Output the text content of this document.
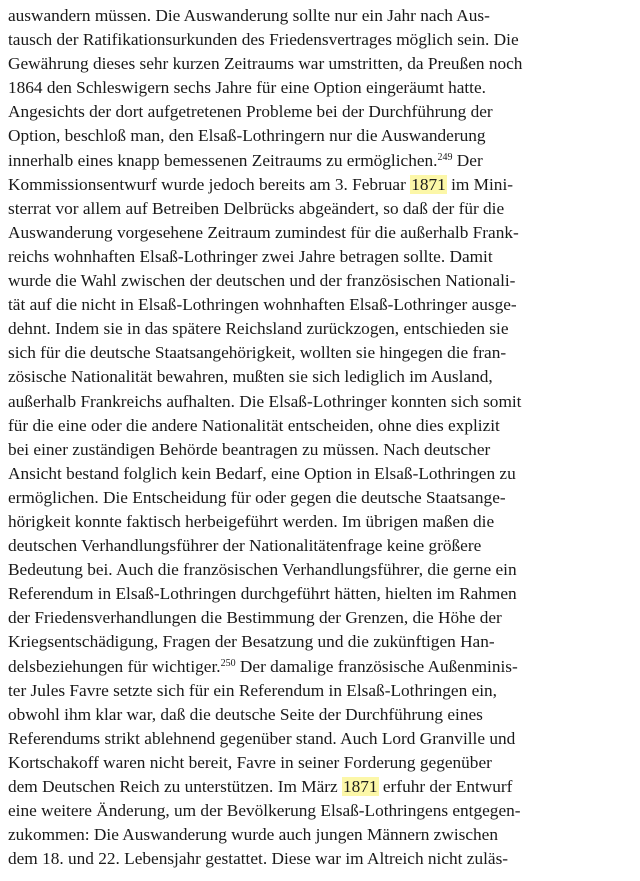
auswandern müssen. Die Auswanderung sollte nur ein Jahr nach Aus-
tausch der Ratifikationsurkunden des Friedensvertrages möglich sein. Die
Gewährung dieses sehr kurzen Zeitraums war umstritten, da Preußen noch
1864 den Schleswigern sechs Jahre für eine Option eingeräumt hatte.
Angesichts der dort aufgetretenen Probleme bei der Durchführung der
Option, beschloß man, den Elsaß-Lothringern nur die Auswanderung
innerhalb eines knapp bemessenen Zeitraums zu ermöglichen.$^{249}$ Der
Kommissionsentwurf wurde jedoch bereits am 3. Februar 1871 im Mini-
sterrat vor allem auf Betreiben Delbrücks abgeändert, so daß der für die
Auswanderung vorgesehene Zeitraum zumindest für die außerhalb Frank-
reichs wohnhaften Elsaß-Lothringer zwei Jahre betragen sollte. Damit
wurde die Wahl zwischen der deutschen und der französischen Nationali-
tät auf die nicht in Elsaß-Lothringen wohnhaften Elsaß-Lothringer ausge-
dehnt. Indem sie in das spätere Reichsland zurückzogen, entschieden sie
sich für die deutsche Staatsangehörigkeit, wollten sie hingegen die fran-
zösische Nationalität bewahren, mußten sie sich lediglich im Ausland,
außerhalb Frankreichs aufhalten. Die Elsaß-Lothringer konnten sich somit
für die eine oder die andere Nationalität entscheiden, ohne dies explizit
bei einer zuständigen Behörde beantragen zu müssen. Nach deutscher
Ansicht bestand folglich kein Bedarf, eine Option in Elsaß-Lothringen zu
ermöglichen. Die Entscheidung für oder gegen die deutsche Staatsange-
hörigkeit konnte faktisch herbeigeführt werden. Im übrigen maßen die
deutschen Verhandlungsführer der Nationalitätenfrage keine größere
Bedeutung bei. Auch die französischen Verhandlungsführer, die gerne ein
Referendum in Elsaß-Lothringen durchgeführt hätten, hielten im Rahmen
der Friedensverhandlungen die Bestimmung der Grenzen, die Höhe der
Kriegsentschädigung, Fragen der Besatzung und die zukünftigen Han-
delsbeziehungen für wichtiger.$^{250}$ Der damalige französische Außenminis-
ter Jules Favre setzte sich für ein Referendum in Elsaß-Lothringen ein,
obwohl ihm klar war, daß die deutsche Seite der Durchführung eines
Referendums strikt ablehnend gegenüber stand. Auch Lord Granville und
Kortschakoff waren nicht bereit, Favre in seiner Forderung gegenüber
dem Deutschen Reich zu unterstützen. Im März 1871 erfuhr der Entwurf
eine weitere Änderung, um der Bevölkerung Elsaß-Lothringens entgegen-
zukommen: Die Auswanderung wurde auch jungen Männern zwischen
dem 18. und 22. Lebensjahr gestattet. Diese war im Altreich nicht zuläs-
